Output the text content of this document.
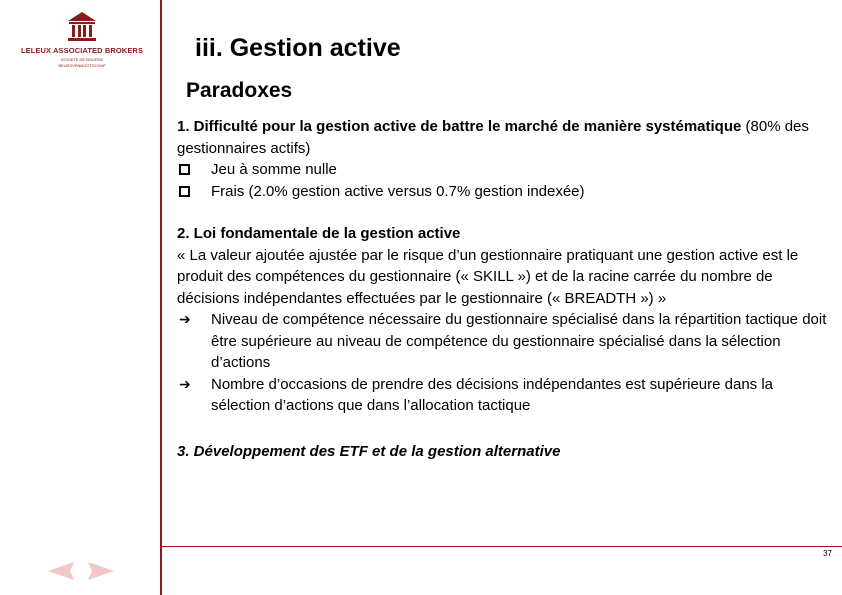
LELEUX ASSOCIATED BROKERS
SOCIETE DE BOURSE
BEURSVENNOOTSCHAP
iii. Gestion active
Paradoxes

1. Difficulté pour la gestion active de battre le marché de manière systématique (80% des gestionnaires actifs)

Jeu à somme nulle

Frais (2.0% gestion active versus 0.7% gestion indexée)

2. Loi fondamentale de la gestion active

« La valeur ajoutée ajustée par le risque d’un gestionnaire pratiquant une gestion active est le produit des compétences du gestionnaire (« SKILL ») et de la racine carrée du nombre de décisions indépendantes effectuées par le gestionnaire (« BREADTH ») »

➔ Niveau de compétence nécessaire du gestionnaire spécialisé dans la répartition tactique doit être supérieure au niveau de compétence du gestionnaire spécialisé dans la sélection d’actions

➔ Nombre d’occasions de prendre des décisions indépendantes est supérieure dans la sélection d’actions que dans l’allocation tactique

3. Développement des ETF et de la gestion alternative

37
